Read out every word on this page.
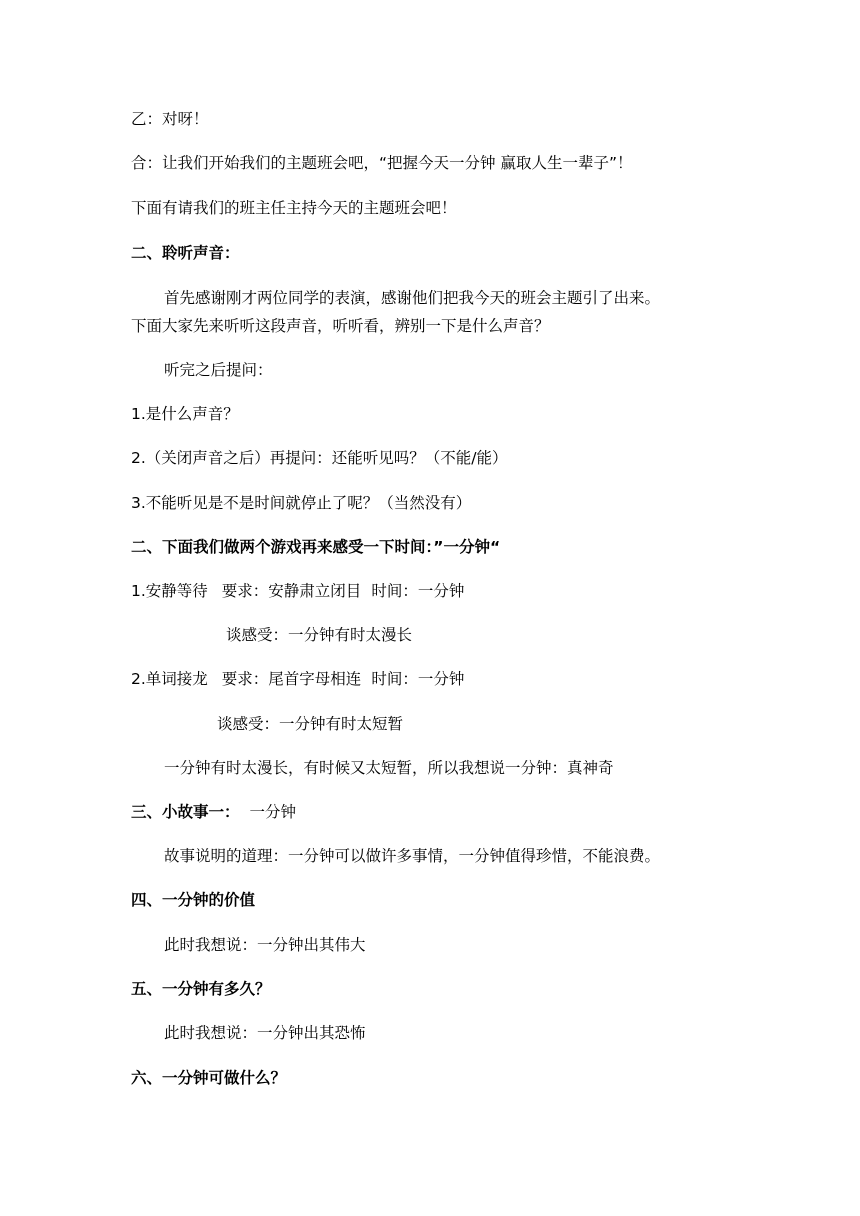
乙：对呀！
合：让我们开始我们的主题班会吧，“把握今天一分钟 赢取人生一辈子”！
下面有请我们的班主任主持今天的主题班会吧！
二、聆听声音：
首先感谢刚才两位同学的表演，感谢他们把我今天的班会主题引了出来。
下面大家先来听听这段声音，听听看，辨别一下是什么声音？
听完之后提问：
1.是什么声音？
2.（关闭声音之后）再提问：还能听见吗？（不能/能）
3.不能听见是不是时间就停止了呢？（当然没有）
二、下面我们做两个游戏再来感受一下时间：”一分钟“
1.安静等待 要求：安静肃立闭目 时间：一分钟
谈感受：一分钟有时太漫长
2.单词接龙 要求：尾首字母相连 时间：一分钟
谈感受：一分钟有时太短暂
一分钟有时太漫长，有时候又太短暂，所以我想说一分钟：真神奇
三、小故事一： 一分钟
故事说明的道理：一分钟可以做许多事情，一分钟值得珍惜，不能浪费。
四、一分钟的价值
此时我想说：一分钟出其伟大
五、一分钟有多久？
此时我想说：一分钟出其恐怖
六、一分钟可做什么？
